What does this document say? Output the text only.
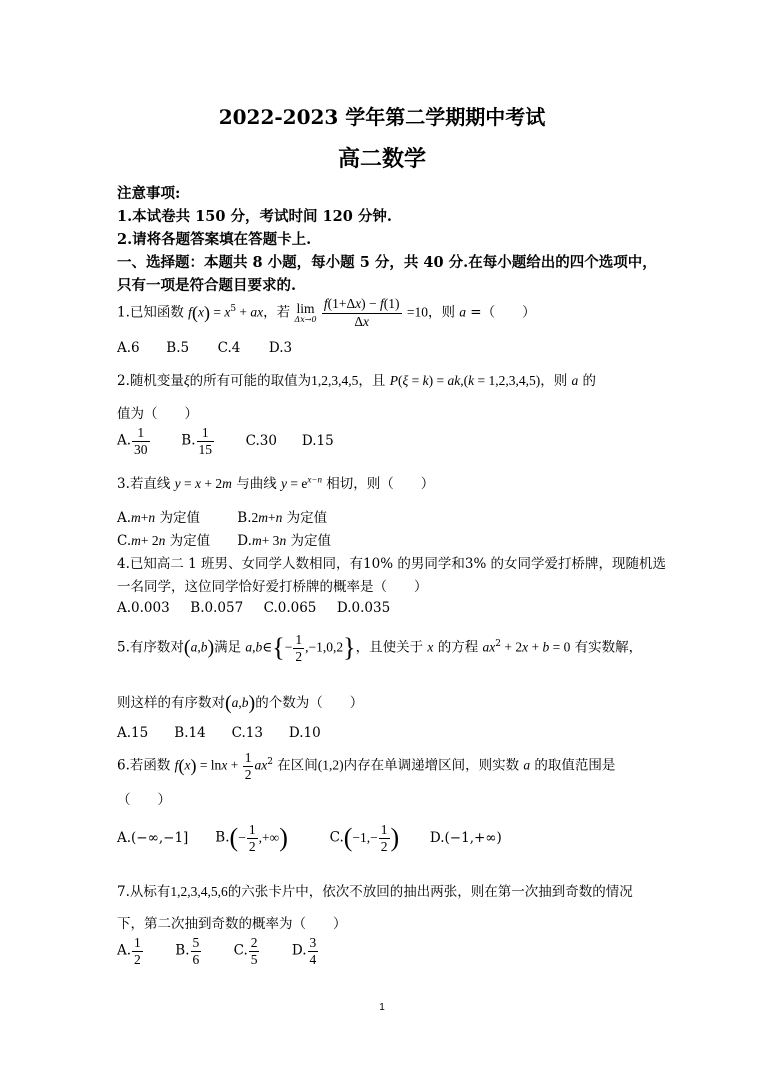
2022-2023 学年第二学期期中考试
高二数学
注意事项:
1.本试卷共 150 分，考试时间 120 分钟.
2.请将各题答案填在答题卡上.
一、选择题：本题共 8 小题，每小题 5 分，共 40 分.在每小题给出的四个选项中，
只有一项是符合题目要求的.
1.已知函数 $f(x) = x^5$ + ax，若 lim
Δx→0
$\frac{f(1+\Delta x) - f(1)}{\Delta x} =10$，则 a =（　　）
A.6 B.5 C.4 D.3
2.随机变量ξ的所有可能的取值为1,2,3,4,5，且 P(ξ = k) = ak,(k = 1,2,3,4,5)，则 a 的
值为（　　）
A. $\frac{1}{30} B$. $\frac{1}{15} C.30$ D.15
3.若直线 y = x + 2m 与曲线 $y = e^{x-n}$ 相切，则（　　）
A.m+n 为定值	B.2m+n 为定值
C.m+ 2n 为定值 D.m+ 3n 为定值
4.已知高二 1 班男、女同学人数相同，有10% 的男同学和3% 的女同学爱打桥牌，现随机选
一名同学，这位同学恰好爱打桥牌的概率是（　　）
A.0.003 B.0.057 C.0.065 D.0.035
5.有序数对(a,b)满足 a,b∈{− $\frac{1}{2} ,-1,0,2$}，且使关于 x 的方程 $ax^2 + 2x + b = 0$ 有实数解，
则这样的有序数对(a,b)的个数为（　　）
A.15 B.14 C.13 D.10
6.若函数 $f(x) = \ln x + \frac{1}{2} ax^2$ 在区间(1,2)内存在单调递增区间，则实数 a 的取值范围是
（　　）
A.(−∞,−1] $B.(- \frac{1}{2}$ ,+∞)	$C.(-1,- \frac{1}{2}$ ) D.(−1,+∞)
7.从标有1,2,3,4,5,6的六张卡片中，依次不放回的抽出两张，则在第一次抽到奇数的情况
下，第二次抽到奇数的概率为（　　）
A. $\frac{1}{2} B$. $\frac{5}{6} C$. $\frac{2}{5} D$. $\frac{3}{4}$
1
